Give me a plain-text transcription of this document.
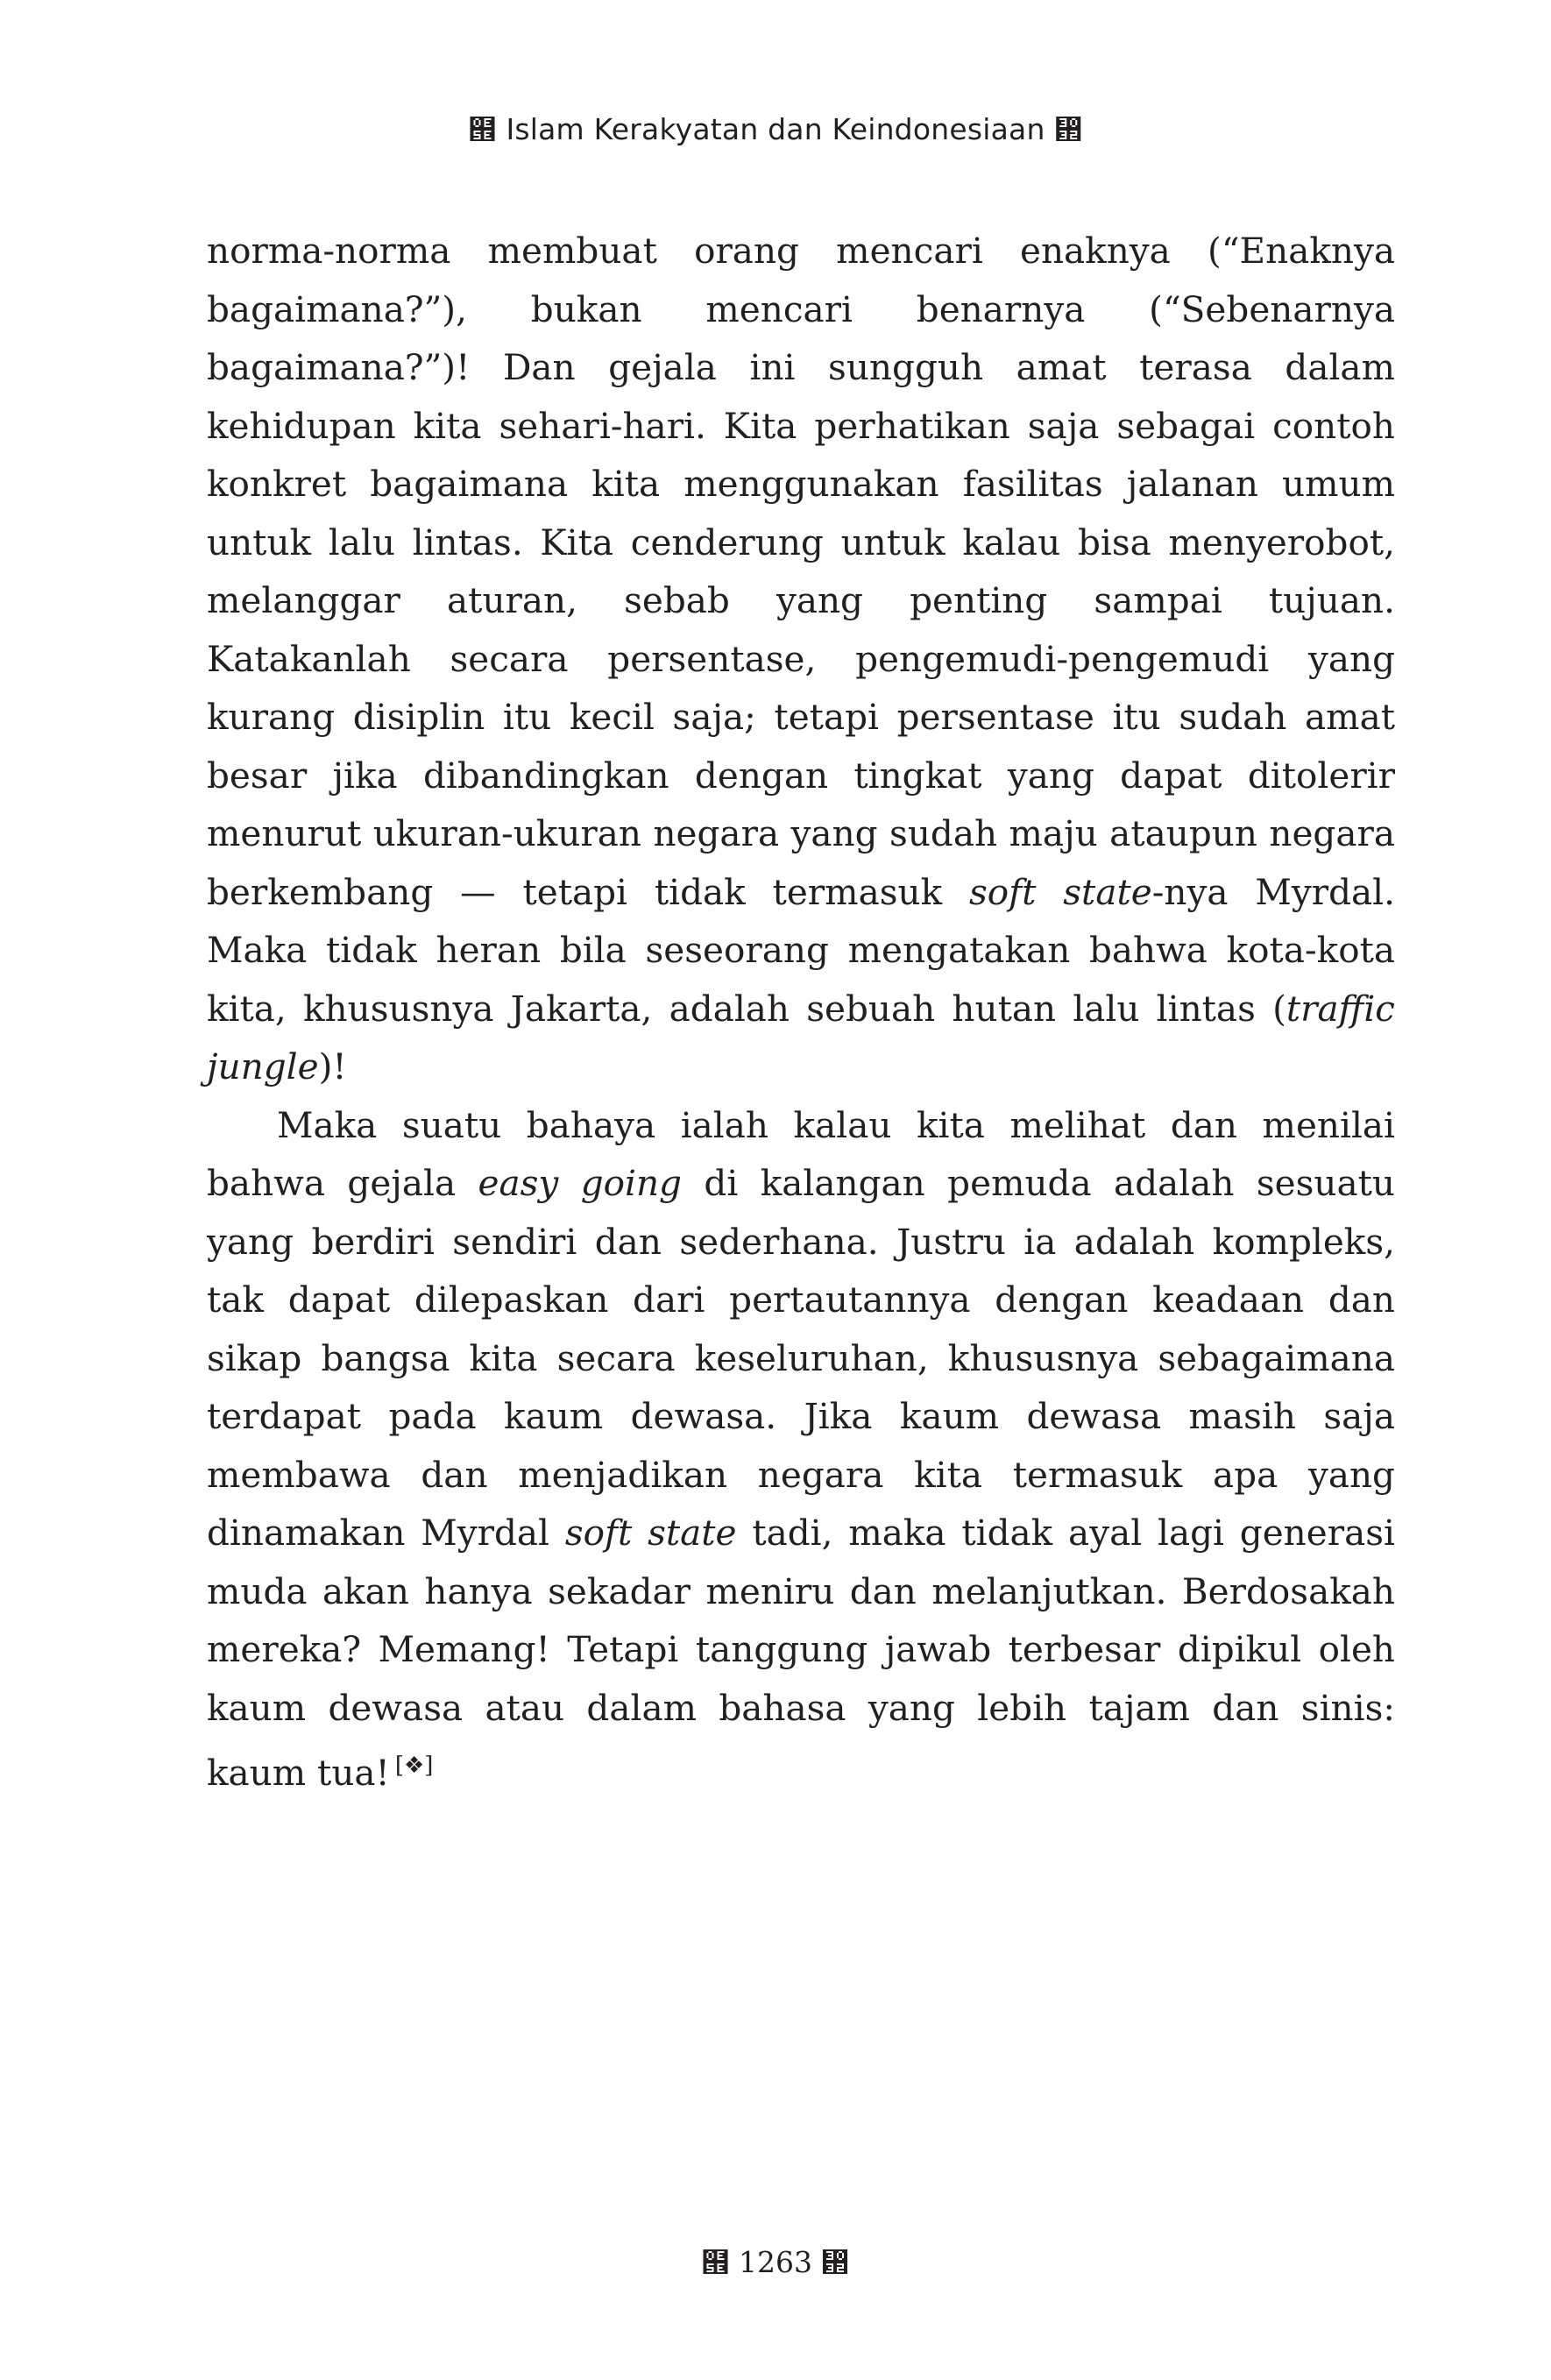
๞ Islam Kerakyatan dan Keindonesiaan ๞

norma-norma membuat orang mencari enaknya (“Enaknya bagaimana?”), bukan mencari benarnya (“Sebenarnya bagaimana?”)! Dan gejala ini sungguh amat terasa dalam kehidupan kita sehari-hari. Kita perhatikan saja sebagai contoh konkret bagaimana kita menggunakan fasilitas jalanan umum untuk lalu lintas. Kita cenderung untuk kalau bisa menyerobot, melanggar aturan, sebab yang penting sampai tujuan. Katakanlah secara persentase, pengemudi-pengemudi yang kurang disiplin itu kecil saja; tetapi persentase itu sudah amat besar jika dibandingkan dengan tingkat yang dapat ditolerir menurut ukuran-ukuran negara yang sudah maju ataupun negara berkembang — tetapi tidak termasuk soft state-nya Myrdal. Maka tidak heran bila seseorang mengatakan bahwa kota-kota kita, khususnya Jakarta, adalah sebuah hutan lalu lintas (traffic jungle)!

Maka suatu bahaya ialah kalau kita melihat dan menilai bahwa gejala easy going di kalangan pemuda adalah sesuatu yang berdiri sendiri dan sederhana. Justru ia adalah kompleks, tak dapat dilepaskan dari pertautannya dengan keadaan dan sikap bangsa kita secara keseluruhan, khususnya sebagaimana terdapat pada kaum dewasa. Jika kaum dewasa masih saja membawa dan menjadikan negara kita termasuk apa yang dinamakan Myrdal soft state tadi, maka tidak ayal lagi generasi muda akan hanya sekadar meniru dan melanjutkan. Berdosakah mereka? Memang! Tetapi tanggung jawab terbesar dipikul oleh kaum dewasa atau dalam bahasa yang lebih tajam dan sinis: kaum tua! [❖]

๞ 1263 ๞
